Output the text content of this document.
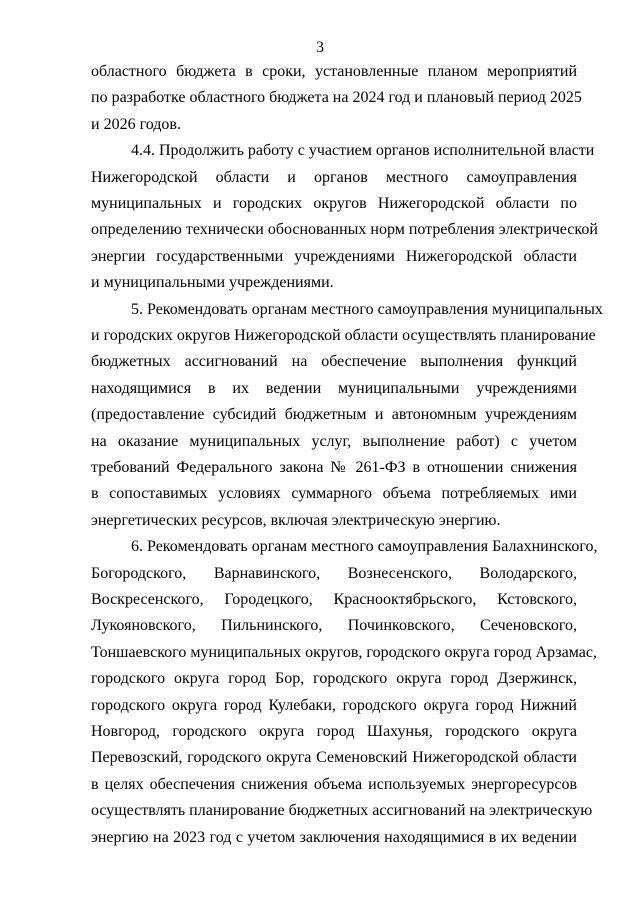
3
областного бюджета в сроки, установленные планом мероприятий
по разработке областного бюджета на 2024 год и плановый период 2025
и 2026 годов.
4.4. Продолжить работу с участием органов исполнительной власти
Нижегородской области и органов местного самоуправления
муниципальных и городских округов Нижегородской области по
определению технически обоснованных норм потребления электрической
энергии государственными учреждениями Нижегородской области
и муниципальными учреждениями.
5. Рекомендовать органам местного самоуправления муниципальных
и городских округов Нижегородской области осуществлять планирование
бюджетных ассигнований на обеспечение выполнения функций
находящимися в их ведении муниципальными учреждениями
(предоставление субсидий бюджетным и автономным учреждениям
на оказание муниципальных услуг, выполнение работ) с учетом
требований Федерального закона № 261-ФЗ в отношении снижения
в сопоставимых условиях суммарного объема потребляемых ими
энергетических ресурсов, включая электрическую энергию.
6. Рекомендовать органам местного самоуправления Балахнинского,
Богородского, Варнавинского, Вознесенского, Володарского,
Воскресенского, Городецкого, Краснооктябрьского, Кстовского,
Лукояновского, Пильнинского, Починковского, Сеченовского,
Тоншаевского муниципальных округов, городского округа город Арзамас,
городского округа город Бор, городского округа город Дзержинск,
городского округа город Кулебаки, городского округа город Нижний
Новгород, городского округа город Шахунья, городского округа
Перевозский, городского округа Семеновский Нижегородской области
в целях обеспечения снижения объема используемых энергоресурсов
осуществлять планирование бюджетных ассигнований на электрическую
энергию на 2023 год с учетом заключения находящимися в их ведении
